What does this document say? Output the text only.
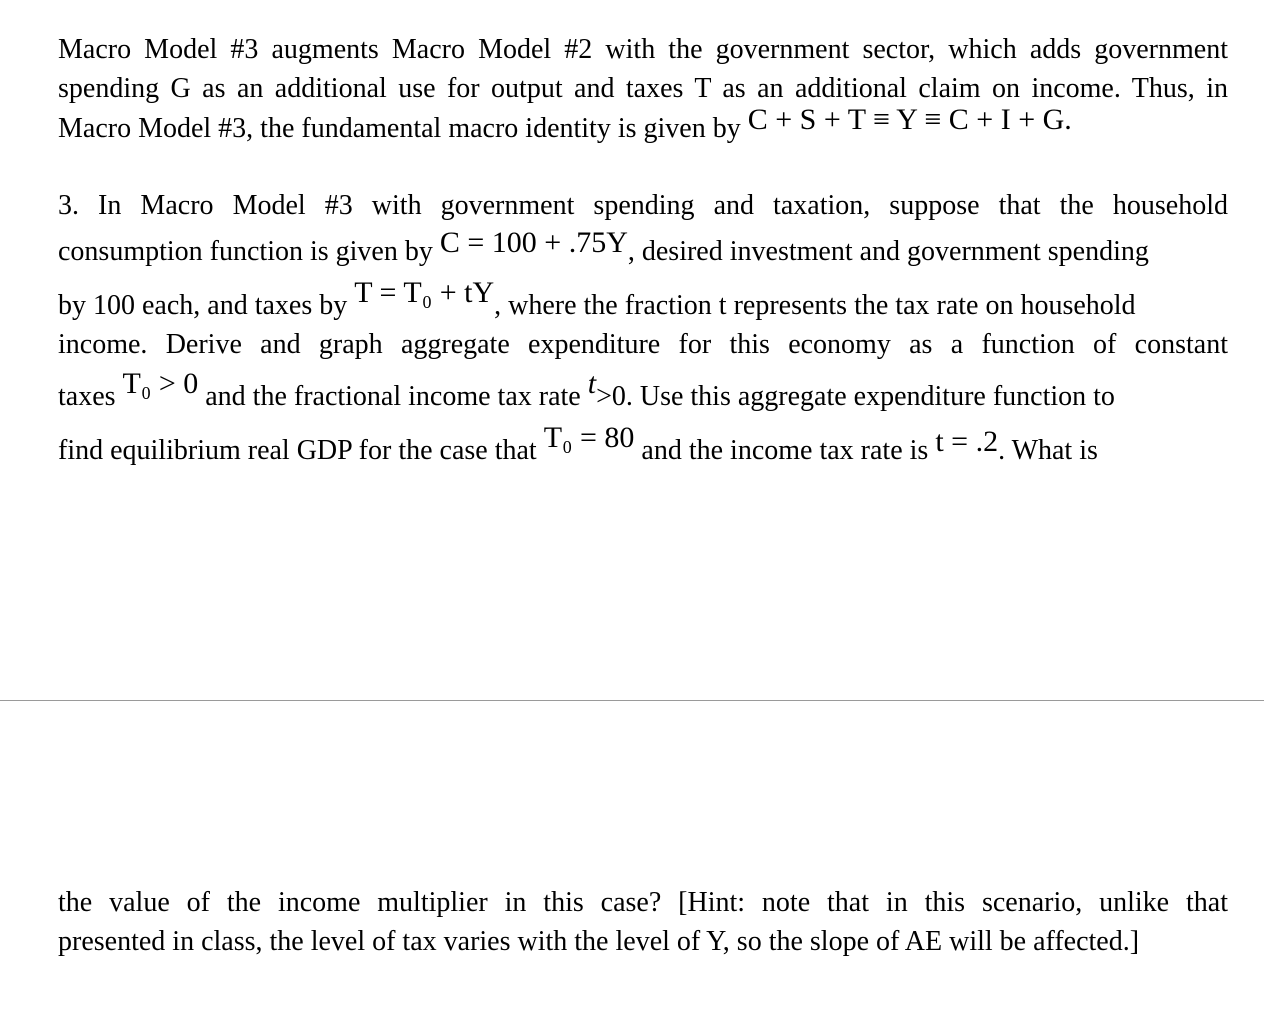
Macro Model #3 augments Macro Model #2 with the government sector, which adds government
spending G as an additional use for output and taxes T as an additional claim on income. Thus, in
Macro Model #3, the fundamental macro identity is given by C + S + T ≡ Y ≡ C + I + G.
3. In Macro Model #3 with government spending and taxation, suppose that the household
consumption function is given by C = 100 + .75Y, desired investment and government spending
by 100 each, and taxes by T = T₀ + tY, where the fraction t represents the tax rate on household
income. Derive and graph aggregate expenditure for this economy as a function of constant
taxes T₀ > 0 and the fractional income tax rate t>0. Use this aggregate expenditure function to
find equilibrium real GDP for the case that T₀ = 80 and the income tax rate is t = .2. What is
the value of the income multiplier in this case? [Hint: note that in this scenario, unlike that
presented in class, the level of tax varies with the level of Y, so the slope of AE will be affected.]
